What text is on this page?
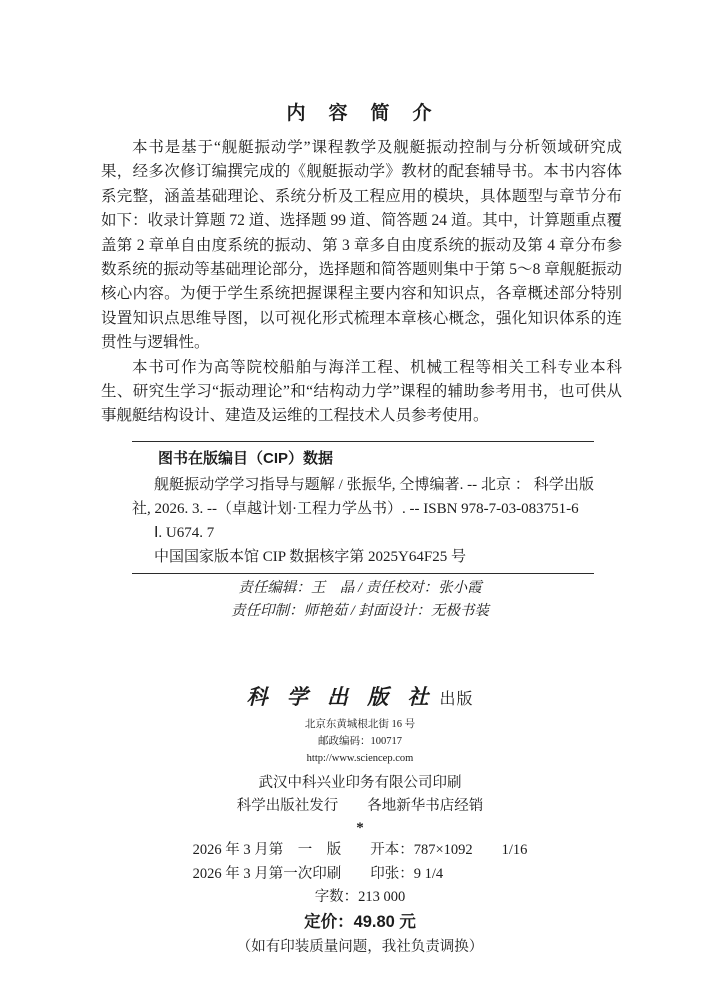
内　容　简　介

本书是基于“舰艇振动学”课程教学及舰艇振动控制与分析领域研究成果，经多次修订编撰完成的《舰艇振动学》教材的配套辅导书。本书内容体系完整，涵盖基础理论、系统分析及工程应用的模块，具体题型与章节分布如下：收录计算题 72 道、选择题 99 道、简答题 24 道。其中，计算题重点覆盖第 2 章单自由度系统的振动、第 3 章多自由度系统的振动及第 4 章分布参数系统的振动等基础理论部分，选择题和简答题则集中于第 5～8 章舰艇振动核心内容。为便于学生系统把握课程主要内容和知识点，各章概述部分特别设置知识点思维导图，以可视化形式梳理本章核心概念，强化知识体系的连贯性与逻辑性。

本书可作为高等院校船舶与海洋工程、机械工程等相关工科专业本科生、研究生学习“振动理论”和“结构动力学”课程的辅助参考用书，也可供从事舰艇结构设计、建造及运维的工程技术人员参考使用。

图书在版编目（CIP）数据

舰艇振动学学习指导与题解 / 张振华, 仝博编著. -- 北京 ： 科学出版社, 2026. 3. --（卓越计划·工程力学丛书）. -- ISBN 978-7-03-083751-6

Ⅰ. U674. 7

中国国家版本馆 CIP 数据核字第 2025Y64F25 号

责任编辑：王　晶 / 责任校对：张小霞
责任印制：师艳茹 / 封面设计：无极书装
科 学 出 版 社 出版
北京东黄城根北街 16 号
邮政编码：100717
http://www.sciencep.com
武汉中科兴业印务有限公司印刷
科学出版社发行　　各地新华书店经销
*
2026 年 3 月第　一　版　　开本：787×1092　　1/16
2026 年 3 月第一次印刷　　印张：9 1/4
字数：213 000
定价：49.80 元
（如有印装质量问题，我社负责调换）
